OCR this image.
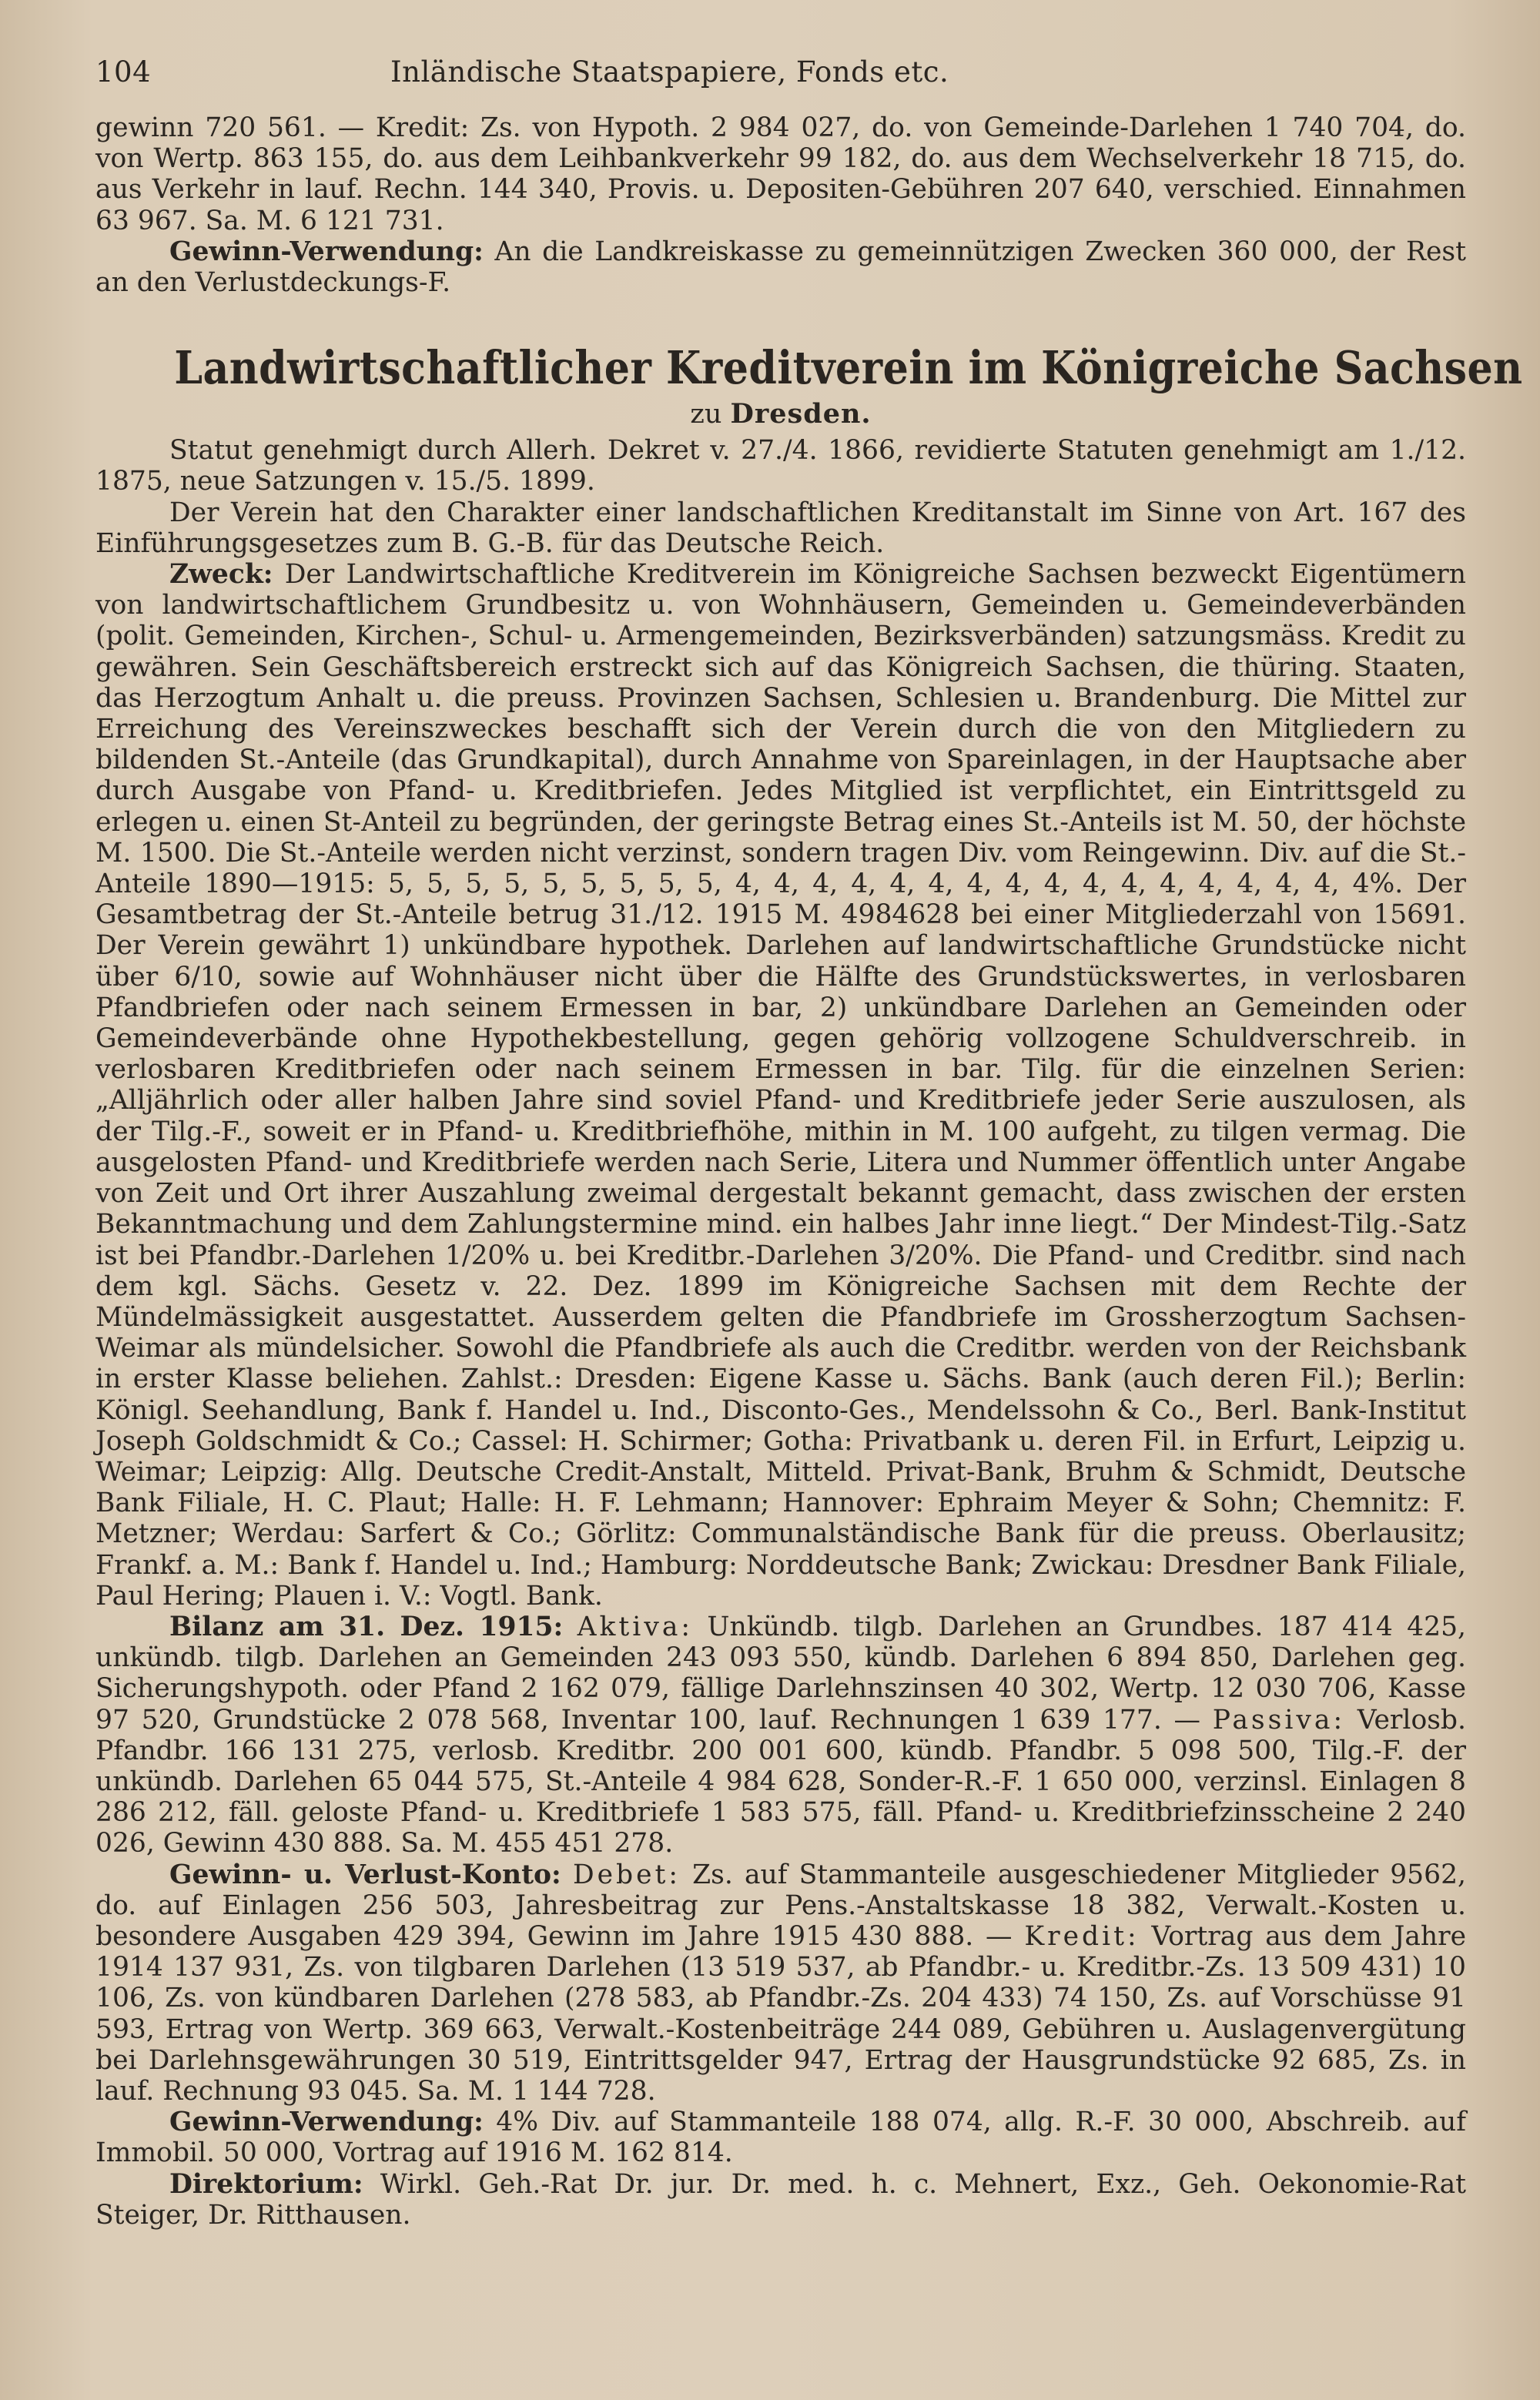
104	Inländische Staatspapiere, Fonds etc.

gewinn 720 561. — Kredit: Zs. von Hypoth. 2 984 027, do. von Gemeinde-Darlehen 1 740 704, do. von Wertp. 863 155, do. aus dem Leihbankverkehr 99 182, do. aus dem Wechselverkehr 18 715, do. aus Verkehr in lauf. Rechn. 144 340, Provis. u. Depositen-Gebühren 207 640, verschied. Einnahmen 63 967. Sa. M. 6 121 731.

Gewinn-Verwendung: An die Landkreiskasse zu gemeinnützigen Zwecken 360 000, der Rest an den Verlustdeckungs-F.

Landwirtschaftlicher Kreditverein im Königreiche Sachsen
zu Dresden.

Statut genehmigt durch Allerh. Dekret v. 27./4. 1866, revidierte Statuten genehmigt am 1./12. 1875, neue Satzungen v. 15./5. 1899.

Der Verein hat den Charakter einer landschaftlichen Kreditanstalt im Sinne von Art. 167 des Einführungsgesetzes zum B. G.-B. für das Deutsche Reich.

Zweck: Der Landwirtschaftliche Kreditverein im Königreiche Sachsen bezweckt Eigentümern von landwirtschaftlichem Grundbesitz u. von Wohnhäusern, Gemeinden u. Gemeindeverbänden (polit. Gemeinden, Kirchen-, Schul- u. Armengemeinden, Bezirksverbänden) satzungsmäss. Kredit zu gewähren. Sein Geschäftsbereich erstreckt sich auf das Königreich Sachsen, die thüring. Staaten, das Herzogtum Anhalt u. die preuss. Provinzen Sachsen, Schlesien u. Brandenburg. Die Mittel zur Erreichung des Vereinszweckes beschafft sich der Verein durch die von den Mitgliedern zu bildenden St.-Anteile (das Grundkapital), durch Annahme von Spareinlagen, in der Hauptsache aber durch Ausgabe von Pfand- u. Kreditbriefen. Jedes Mitglied ist verpflichtet, ein Eintrittsgeld zu erlegen u. einen St-Anteil zu begründen, der geringste Betrag eines St.-Anteils ist M. 50, der höchste M. 1500. Die St.-Anteile werden nicht verzinst, sondern tragen Div. vom Reingewinn. Div. auf die St.-Anteile 1890—1915: 5, 5, 5, 5, 5, 5, 5, 5, 5, 4, 4, 4, 4, 4, 4, 4, 4, 4, 4, 4, 4, 4, 4, 4, 4, 4%. Der Gesamtbetrag der St.-Anteile betrug 31./12. 1915 M. 4984628 bei einer Mitgliederzahl von 15691. Der Verein gewährt 1) unkündbare hypothek. Darlehen auf landwirtschaftliche Grundstücke nicht über 6/10, sowie auf Wohnhäuser nicht über die Hälfte des Grundstückswertes, in verlosbaren Pfandbriefen oder nach seinem Ermessen in bar, 2) unkündbare Darlehen an Gemeinden oder Gemeindeverbände ohne Hypothekbestellung, gegen gehörig vollzogene Schuldverschreib. in verlosbaren Kreditbriefen oder nach seinem Ermessen in bar. Tilg. für die einzelnen Serien: „Alljährlich oder aller halben Jahre sind soviel Pfand- und Kreditbriefe jeder Serie auszulosen, als der Tilg.-F., soweit er in Pfand- u. Kreditbriefhöhe, mithin in M. 100 aufgeht, zu tilgen vermag. Die ausgelosten Pfand- und Kreditbriefe werden nach Serie, Litera und Nummer öffentlich unter Angabe von Zeit und Ort ihrer Auszahlung zweimal dergestalt bekannt gemacht, dass zwischen der ersten Bekanntmachung und dem Zahlungstermine mind. ein halbes Jahr inne liegt.“ Der Mindest-Tilg.-Satz ist bei Pfandbr.-Darlehen 1/20% u. bei Kreditbr.-Darlehen 3/20%. Die Pfand- und Creditbr. sind nach dem kgl. Sächs. Gesetz v. 22. Dez. 1899 im Königreiche Sachsen mit dem Rechte der Mündelmässigkeit ausgestattet. Ausserdem gelten die Pfandbriefe im Grossherzogtum Sachsen-Weimar als mündelsicher. Sowohl die Pfandbriefe als auch die Creditbr. werden von der Reichsbank in erster Klasse beliehen. Zahlst.: Dresden: Eigene Kasse u. Sächs. Bank (auch deren Fil.); Berlin: Königl. Seehandlung, Bank f. Handel u. Ind., Disconto-Ges., Mendelssohn & Co., Berl. Bank-Institut Joseph Goldschmidt & Co.; Cassel: H. Schirmer; Gotha: Privatbank u. deren Fil. in Erfurt, Leipzig u. Weimar; Leipzig: Allg. Deutsche Credit-Anstalt, Mitteld. Privat-Bank, Bruhm & Schmidt, Deutsche Bank Filiale, H. C. Plaut; Halle: H. F. Lehmann; Hannover: Ephraim Meyer & Sohn; Chemnitz: F. Metzner; Werdau: Sarfert & Co.; Görlitz: Communalständische Bank für die preuss. Oberlausitz; Frankf. a. M.: Bank f. Handel u. Ind.; Hamburg: Norddeutsche Bank; Zwickau: Dresdner Bank Filiale, Paul Hering; Plauen i. V.: Vogtl. Bank.

Bilanz am 31. Dez. 1915: Aktiva: Unkündb. tilgb. Darlehen an Grundbes. 187 414 425, unkündb. tilgb. Darlehen an Gemeinden 243 093 550, kündb. Darlehen 6 894 850, Darlehen geg. Sicherungshypoth. oder Pfand 2 162 079, fällige Darlehnszinsen 40 302, Wertp. 12 030 706, Kasse 97 520, Grundstücke 2 078 568, Inventar 100, lauf. Rechnungen 1 639 177. — Passiva: Verlosb. Pfandbr. 166 131 275, verlosb. Kreditbr. 200 001 600, kündb. Pfandbr. 5 098 500, Tilg.-F. der unkündb. Darlehen 65 044 575, St.-Anteile 4 984 628, Sonder-R.-F. 1 650 000, verzinsl. Einlagen 8 286 212, fäll. geloste Pfand- u. Kreditbriefe 1 583 575, fäll. Pfand- u. Kreditbriefzinsscheine 2 240 026, Gewinn 430 888. Sa. M. 455 451 278.

Gewinn- u. Verlust-Konto: Debet: Zs. auf Stammanteile ausgeschiedener Mitglieder 9562, do. auf Einlagen 256 503, Jahresbeitrag zur Pens.-Anstaltskasse 18 382, Verwalt.-Kosten u. besondere Ausgaben 429 394, Gewinn im Jahre 1915 430 888. — Kredit: Vortrag aus dem Jahre 1914 137 931, Zs. von tilgbaren Darlehen (13 519 537, ab Pfandbr.- u. Kreditbr.-Zs. 13 509 431) 10 106, Zs. von kündbaren Darlehen (278 583, ab Pfandbr.-Zs. 204 433) 74 150, Zs. auf Vorschüsse 91 593, Ertrag von Wertp. 369 663, Verwalt.-Kostenbeiträge 244 089, Gebühren u. Auslagenvergütung bei Darlehnsgewährungen 30 519, Eintrittsgelder 947, Ertrag der Hausgrundstücke 92 685, Zs. in lauf. Rechnung 93 045. Sa. M. 1 144 728.

Gewinn-Verwendung: 4% Div. auf Stammanteile 188 074, allg. R.-F. 30 000, Abschreib. auf Immobil. 50 000, Vortrag auf 1916 M. 162 814.

Direktorium: Wirkl. Geh.-Rat Dr. jur. Dr. med. h. c. Mehnert, Exz., Geh. Oekonomie-Rat Steiger, Dr. Ritthausen.
